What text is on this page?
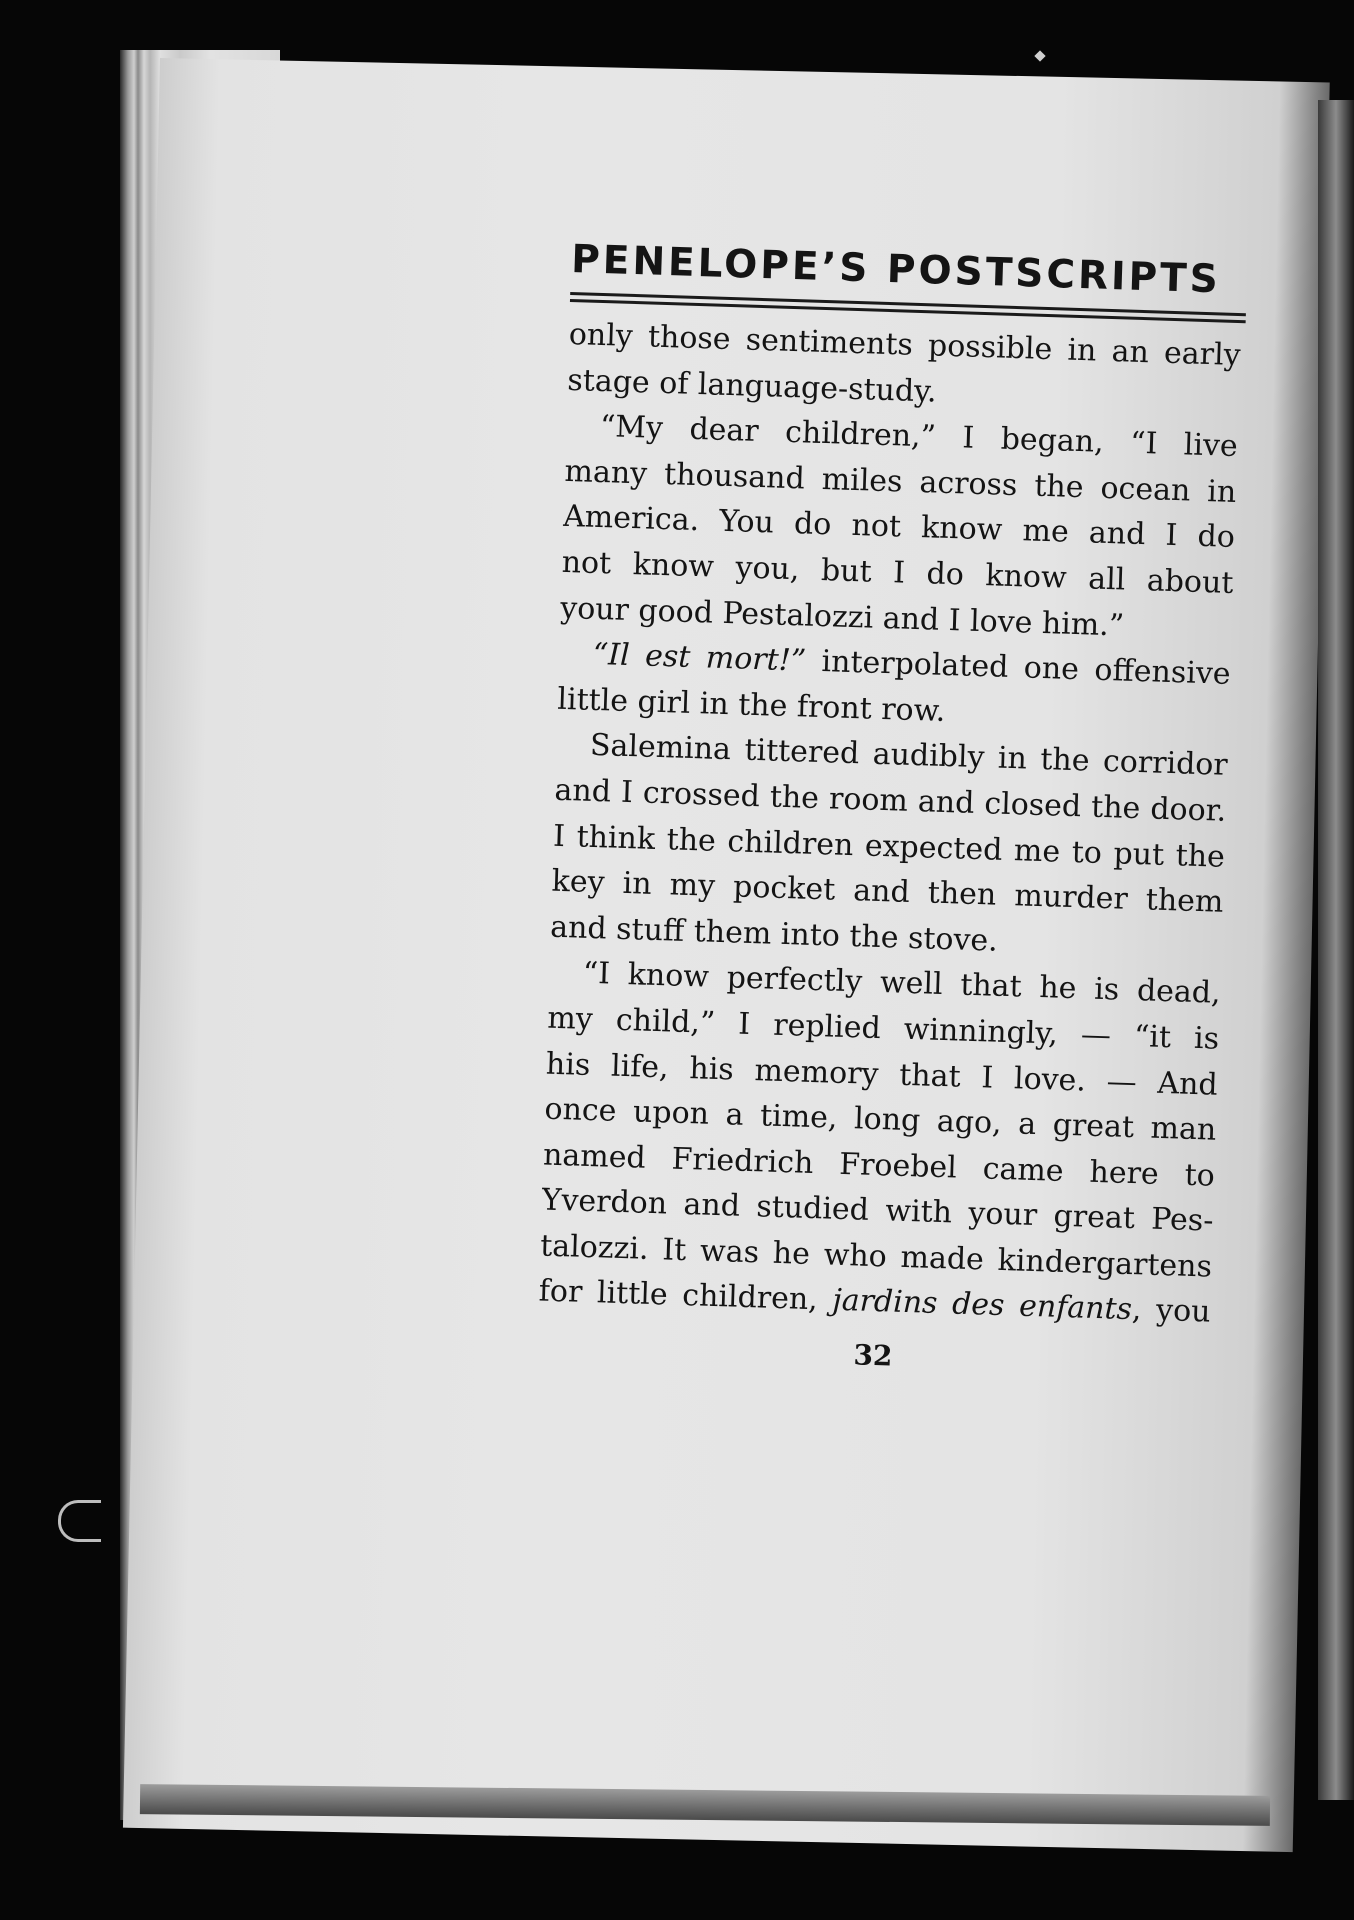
PENELOPE’S POSTSCRIPTS
only those sentiments possible in an early
stage of language-study.
“My dear children,” I began, “I live
many thousand miles across the ocean in
America. You do not know me and I do
not know you, but I do know all about
your good Pestalozzi and I love him.”
“Il est mort!” interpolated one offensive
little girl in the front row.
Salemina tittered audibly in the corridor
and I crossed the room and closed the door.
I think the children expected me to put the
key in my pocket and then murder them
and stuff them into the stove.
“I know perfectly well that he is dead,
my child,” I replied winningly, — “it is
his life, his memory that I love. — And
once upon a time, long ago, a great man
named Friedrich Froebel came here to
Yverdon and studied with your great Pes-
talozzi. It was he who made kindergartens
for little children, jardins des enfants, you
32
